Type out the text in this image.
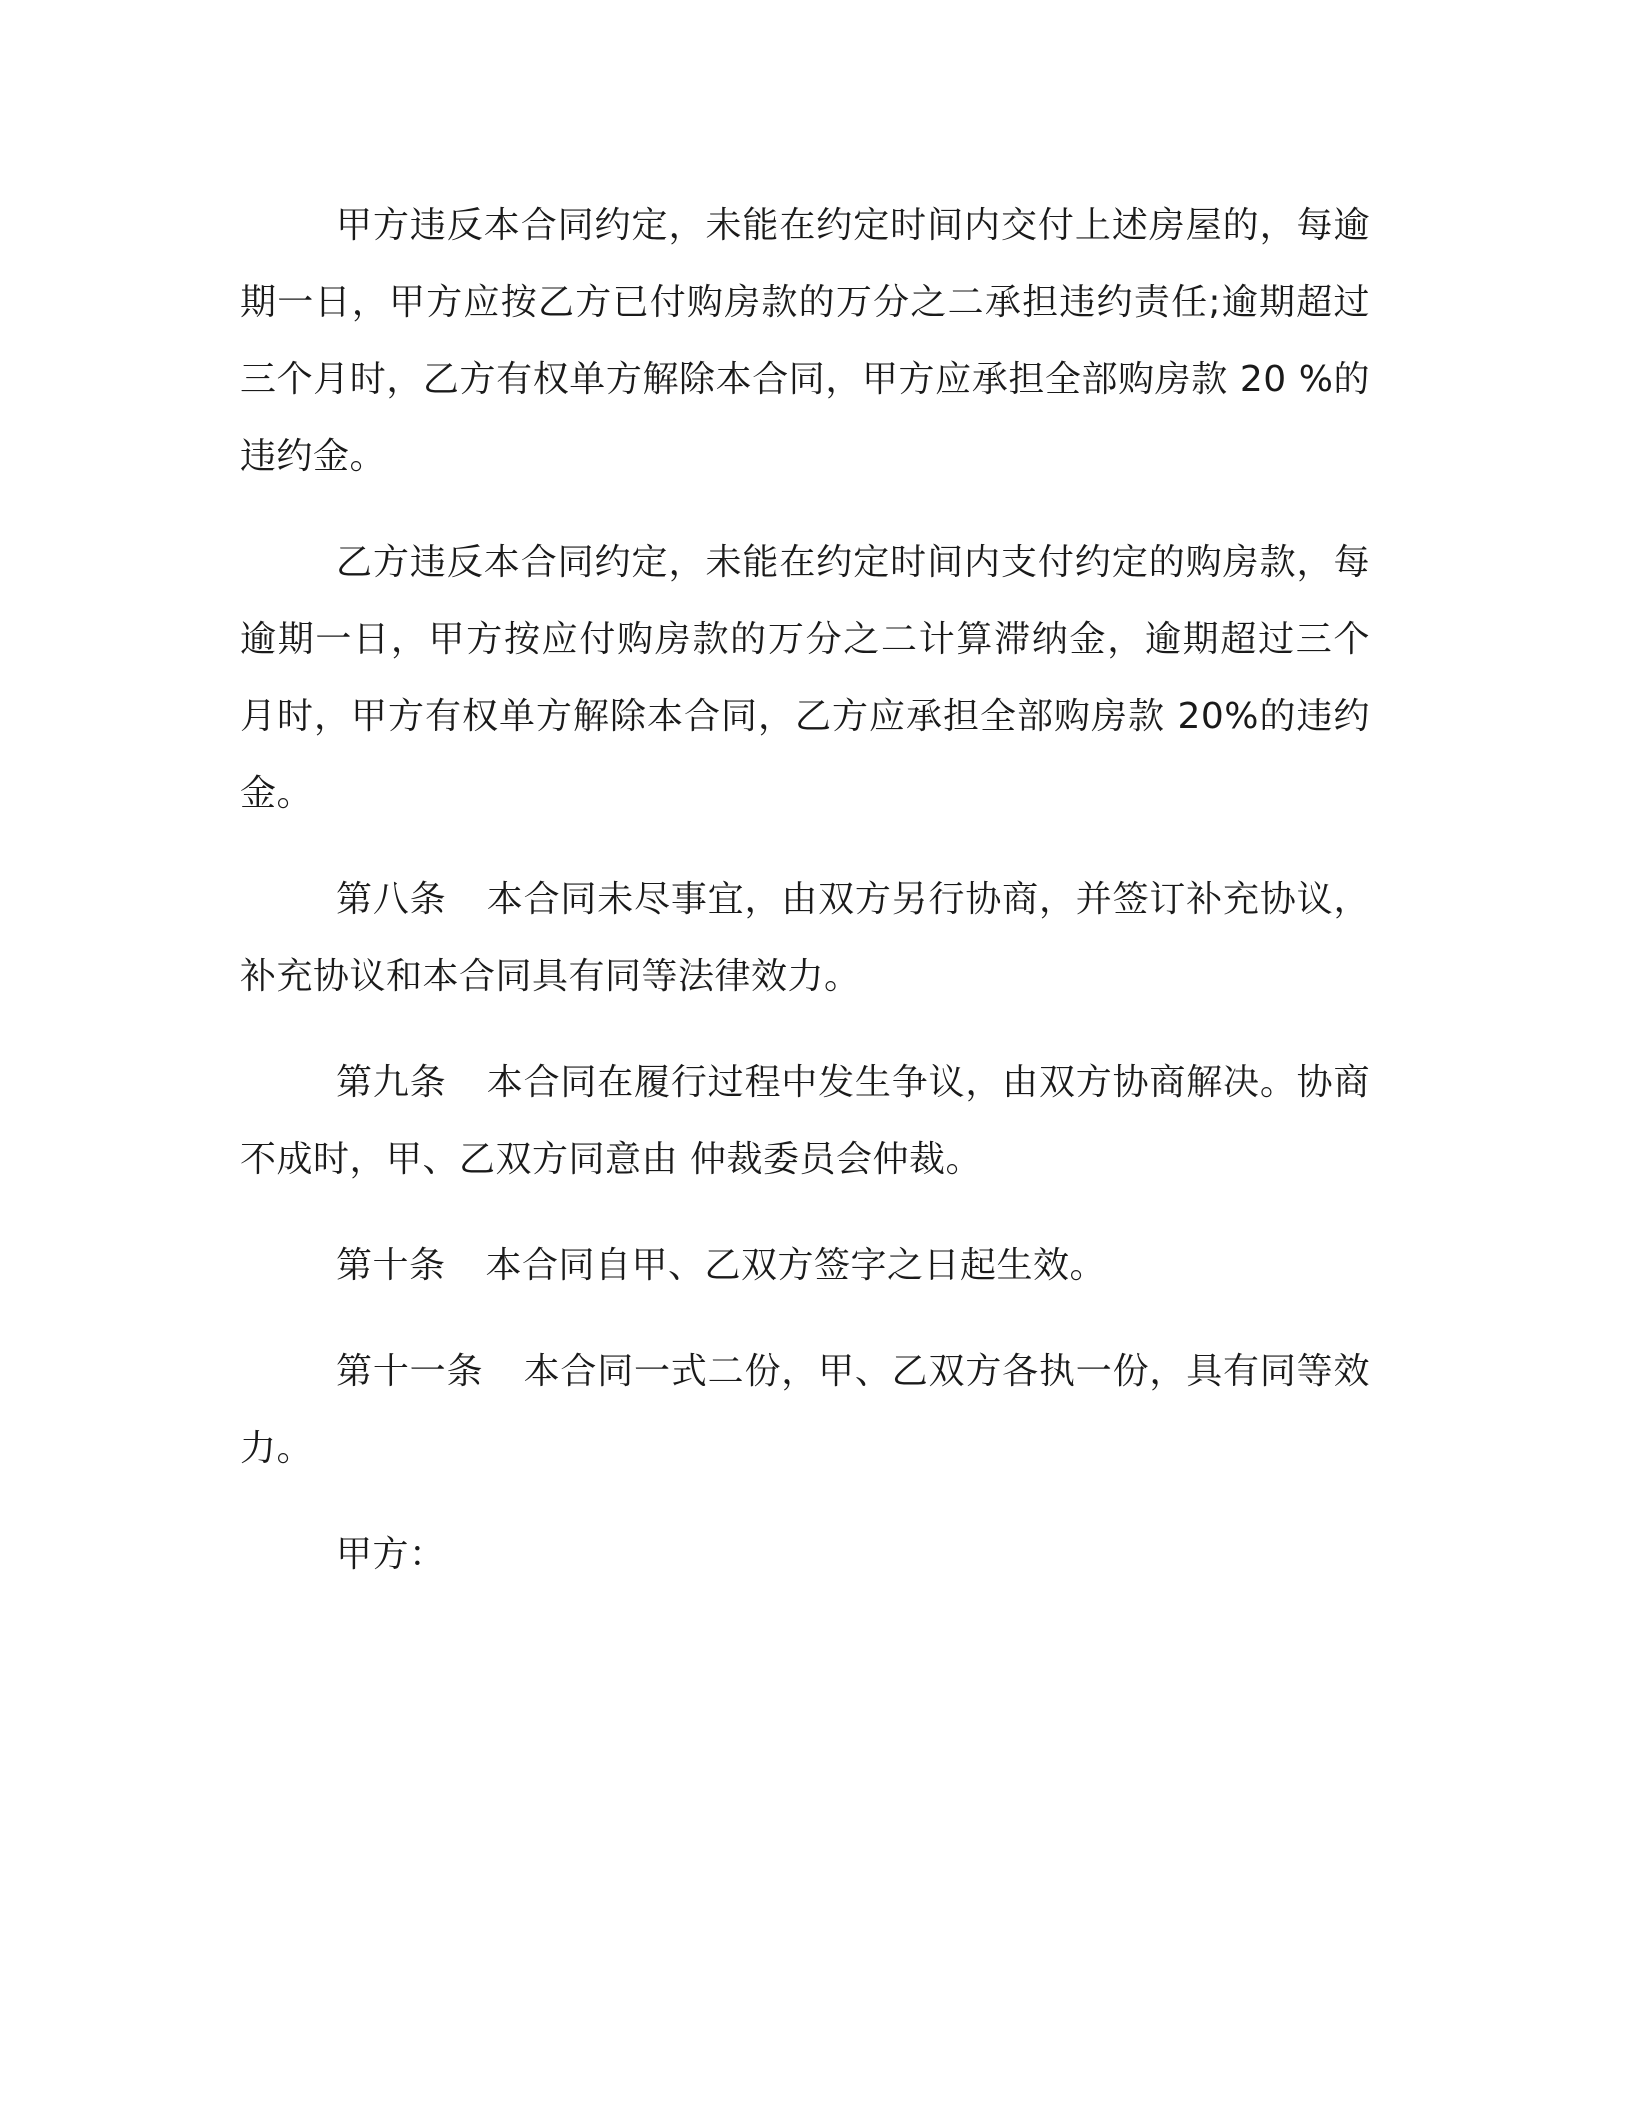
甲方违反本合同约定，未能在约定时间内交付上述房屋的，每逾期一日，甲方应按乙方已付购房款的万分之二承担违约责任;逾期超过三个月时，乙方有权单方解除本合同，甲方应承担全部购房款 20 %的违约金。

乙方违反本合同约定，未能在约定时间内支付约定的购房款，每逾期一日，甲方按应付购房款的万分之二计算滞纳金，逾期超过三个月时，甲方有权单方解除本合同，乙方应承担全部购房款 20%的违约金。

第八条 本合同未尽事宜，由双方另行协商，并签订补充协议，补充协议和本合同具有同等法律效力。

第九条 本合同在履行过程中发生争议，由双方协商解决。协商不成时，甲、乙双方同意由 仲裁委员会仲裁。

第十条 本合同自甲、乙双方签字之日起生效。

第十一条 本合同一式二份，甲、乙双方各执一份，具有同等效力。

甲方：
